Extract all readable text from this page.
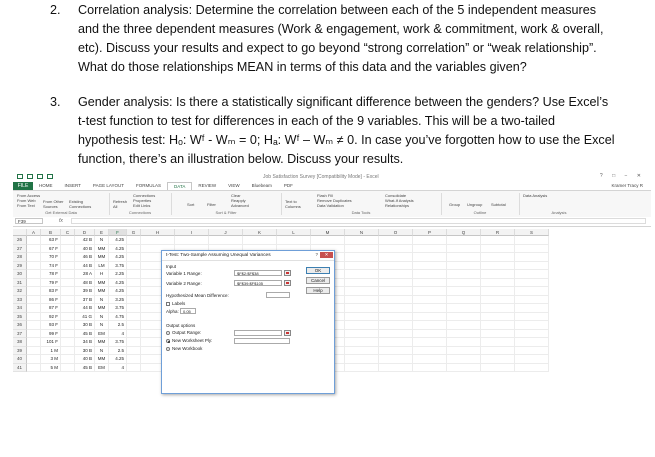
2. Correlation analysis: Determine the correlation between each of the 5 independent measures
and the three dependent measures (Work & engagement, work & commitment, work & overall,
etc). Discuss your results and expect to go beyond “strong correlation” or “weak relationship”.
What do those relationships MEAN in terms of this data and the variables given?
3. Gender analysis: Is there a statistically significant difference between the genders? Use Excel’s
t-test function to test for differences in each of the 9 variables. This will be a two-tailed
hypothesis test: Hₒ: Wᶠ - Wₘ = 0; Hₐ: Wᶠ – Wₘ ≠ 0. In case you’ve forgotten how to use the Excel
function, there’s an illustration below. Discuss your results.
Job Satisfaction Survey [Compatibility Mode] - Excel	? □ − ✕
FILE	HOME	INSERT	PAGE LAYOUT	FORMULAS	DATA	REVIEW	VIEW	Bluebeam	PDF	Kramer Tracy R
From Access
From Web
From Text
From Other Sources
Existing Connections
Get External Data
Refresh All
Connections
Properties
Edit Links
Connections
Sort	Filter
Clear
Reapply
Advanced
Sort & Filter
Text to Columns
Flash Fill
Remove Duplicates
Data Validation
Consolidate
What-If Analysis
Relationships
Data Tools
Group Ungroup Subtotal
Outline
Data Analysis
Analysis
F39	fx
A	B	C	D	E	F	G	H	I	J	K	L	M	N	O	P	Q	R	S
26	63 F	42 B	N	4.25
27	67 F	40 B	MM	4.25
28	70 F	46 B	MM	4.25
29	74 F	44 B	LM	3.75
30	78 F	28 A	H	2.25
31	79 F	48 B	MM	4.25
32	83 F	39 B	MM	4.25
33	86 F	37 B	N	3.25
34	87 F	44 B	MM	3.75
35	92 F	41 G	N	4.75
36	93 F	30 B	N	2.5
37	99 F	45 B	EM	4
38	101 F	34 B	MM	3.75
39	1 M	30 B	N	2.5
40	3 M	40 B	MM	4.25
41	5 M	45 B	EM	4
t-Test: Two-Sample Assuming Unequal Variances	?	✕
Input
Variable 1 Range:	$F$2:$F$38
Variable 2 Range:	$F$39:$F$105
Hypothesized Mean Difference:
Labels
Alpha:	0.05
Output options
Output Range:
New Worksheet Ply:
New Workbook
OK
Cancel
Help
